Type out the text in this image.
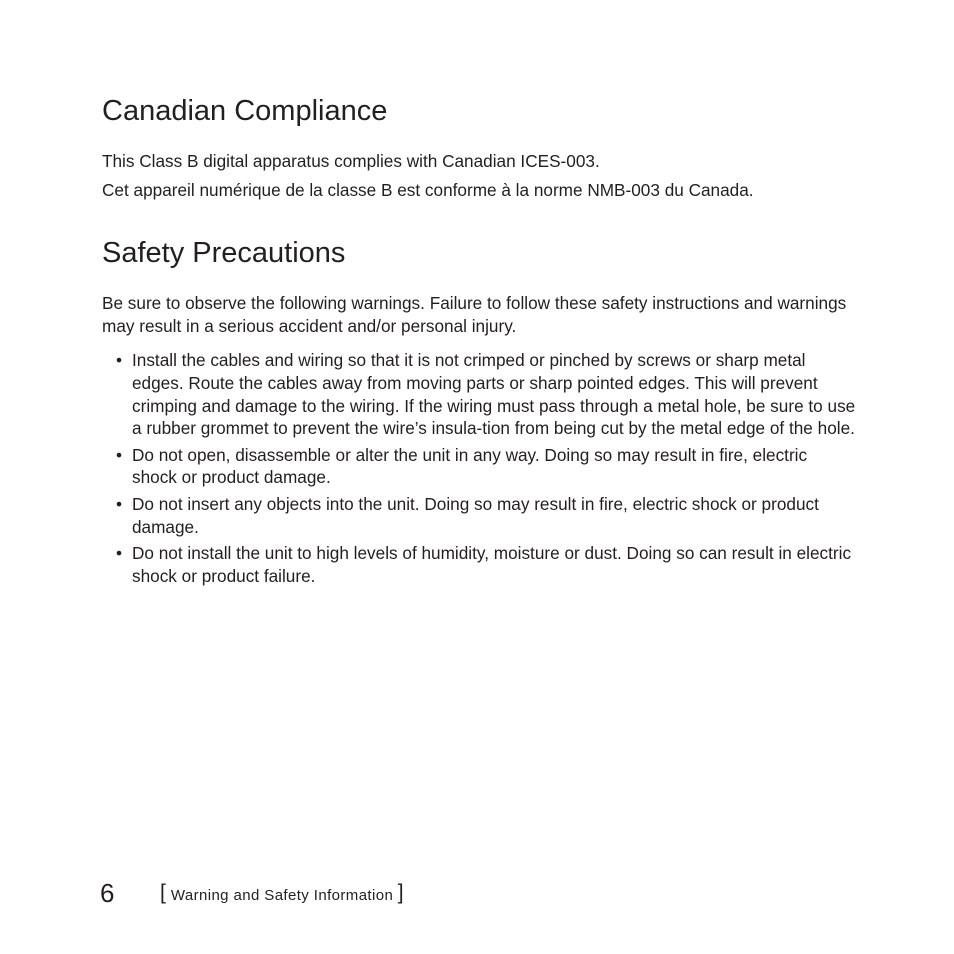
Canadian Compliance

This Class B digital apparatus complies with Canadian ICES-003.

Cet appareil numérique de la classe B est conforme à la norme NMB-003 du Canada.

Safety Precautions

Be sure to observe the following warnings. Failure to follow these safety instructions and warnings may result in a serious accident and/or personal injury.

• Install the cables and wiring so that it is not crimped or pinched by screws or sharp metal edges. Route the cables away from moving parts or sharp pointed edges. This will prevent crimping and damage to the wiring. If the wiring must pass through a metal hole, be sure to use a rubber grommet to prevent the wire’s insula-tion from being cut by the metal edge of the hole.
• Do not open, disassemble or alter the unit in any way. Doing so may result in fire, electric shock or product damage.
• Do not insert any objects into the unit. Doing so may result in fire, electric shock or product damage.
• Do not install the unit to high levels of humidity, moisture or dust. Doing so can result in electric shock or product failure.
6 [ Warning and Safety Information ]
